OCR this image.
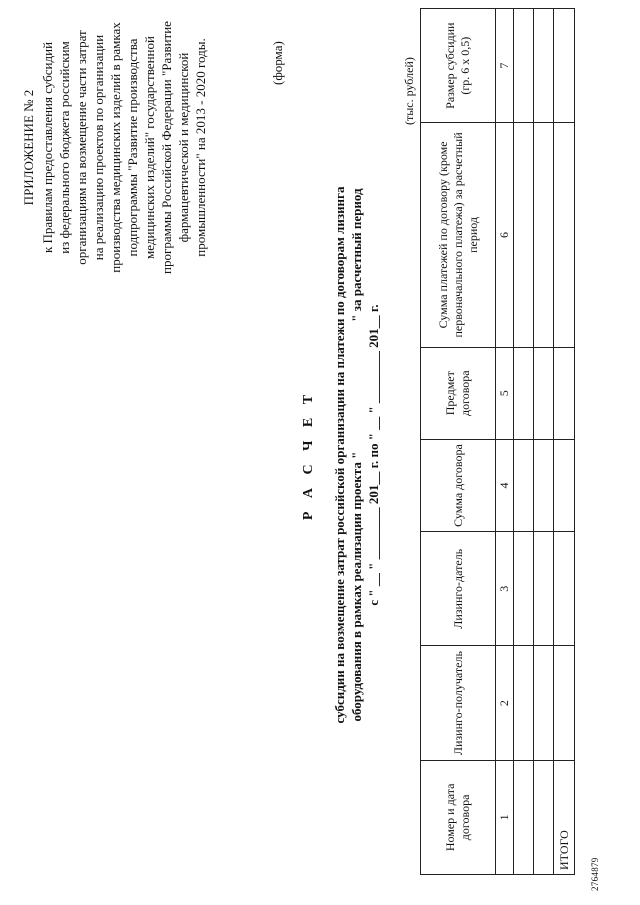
2764879
ПРИЛОЖЕНИЕ № 2 к Правилам предоставления субсидий из федерального бюджета российским организациям на возмещение части затрат на реализацию проектов по организации производства медицинских изделий в рамках подпрограммы "Развитие производства медицинских изделий" государственной программы Российской Федерации "Развитие фармацевтической и медицинской промышленности" на 2013 - 2020 годы.	(форма)
Р А С Ч Е Т субсидии на возмещение затрат российской организации на платежи по договорам лизинга оборудования в рамках реализации проекта "                                        " за расчетный период с " __ " ________ 201__ г. по " __ " ________ 201__ г.
(тыс. рублей)
Номер и дата договора	Лизинго-получатель	Лизинго-датель	Сумма договора	Предмет договора	Сумма платежей по договору (кроме первоначального платежа) за расчетный период	Размер субсидии (гр. 6 x 0,5)
1	2	3	4	5	6	7

ИТОГО						
